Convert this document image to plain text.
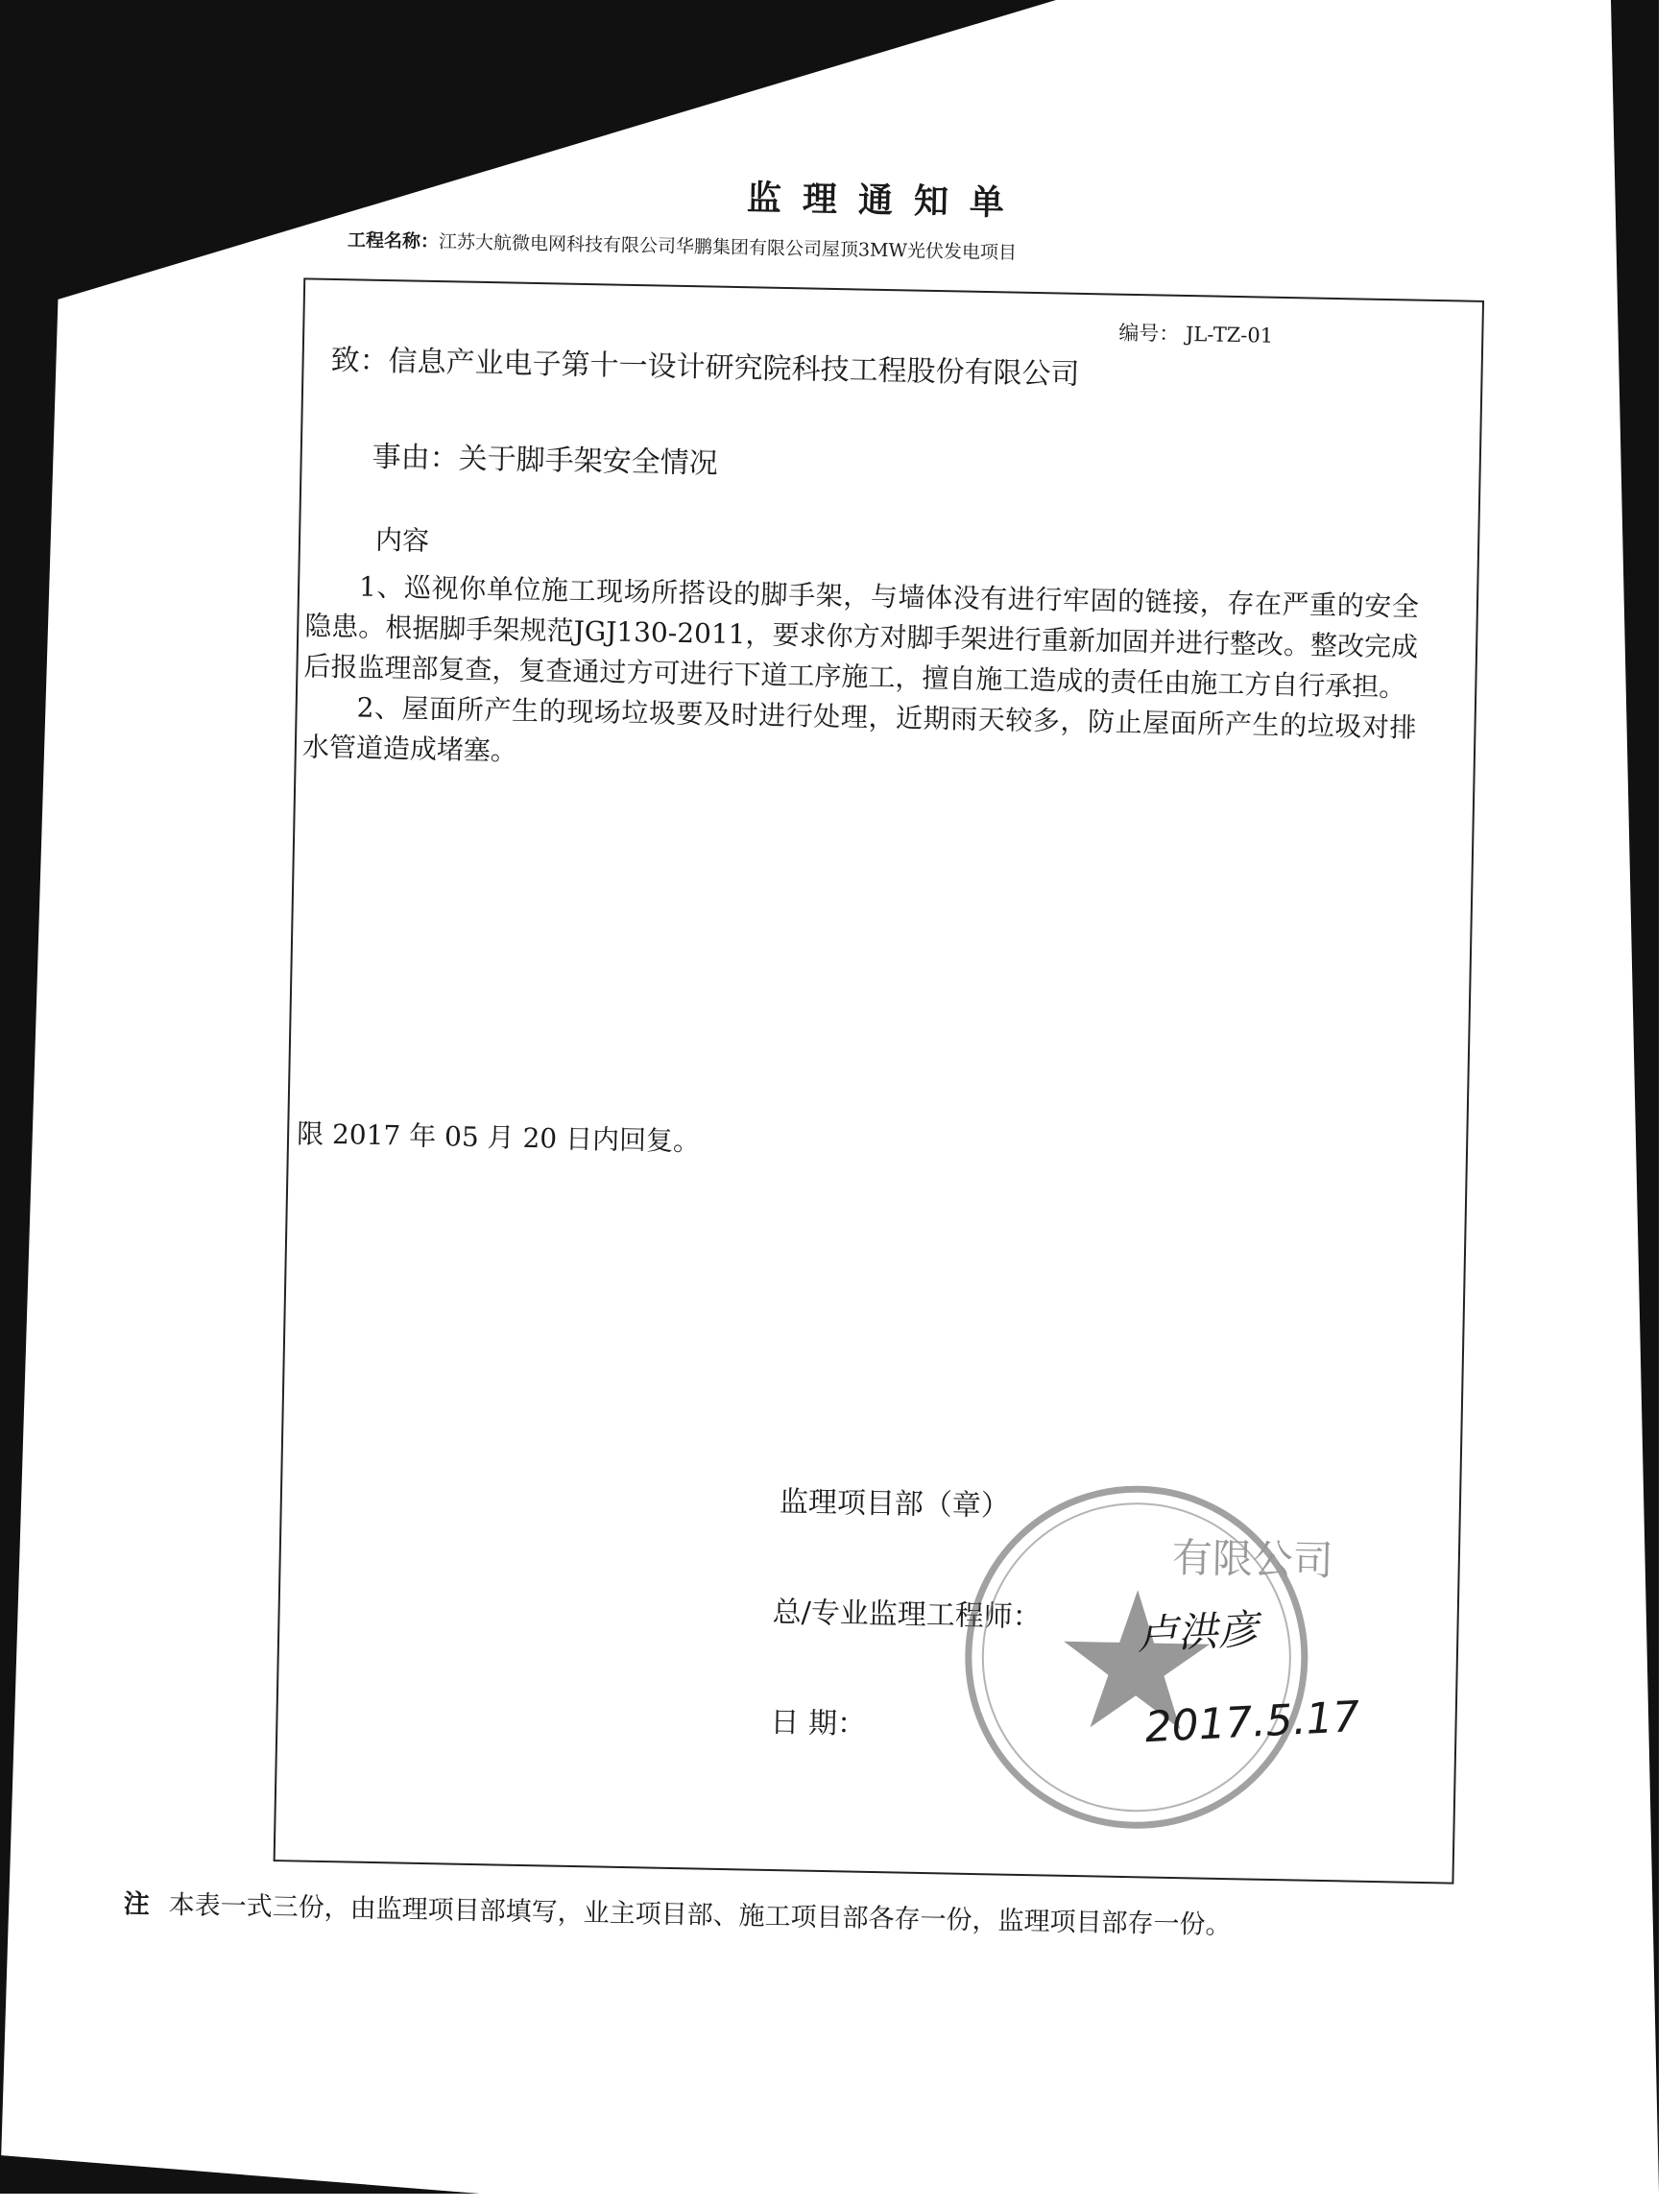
监理通知单
工程名称：江苏大航微电网科技有限公司华鹏集团有限公司屋顶3MW光伏发电项目
编号： JL-TZ-01
致：信息产业电子第十一设计研究院科技工程股份有限公司
事由：关于脚手架安全情况
内容

1、巡视你单位施工现场所搭设的脚手架，与墙体没有进行牢固的链接，存在严重的安全隐患。根据脚手架规范JGJ130-2011，要求你方对脚手架进行重新加固并进行整改。整改完成后报监理部复查，复查通过方可进行下道工序施工，擅自施工造成的责任由施工方自行承担。

2、屋面所产生的现场垃圾要及时进行处理，近期雨天较多，防止屋面所产生的垃圾对排水管道造成堵塞。

限 2017 年 05 月 20 日内回复。
监理项目部（章）
总/专业监理工程师：
日 期：
有限公司
卢洪彦
2017.5.17
注 本表一式三份，由监理项目部填写，业主项目部、施工项目部各存一份，监理项目部存一份。
